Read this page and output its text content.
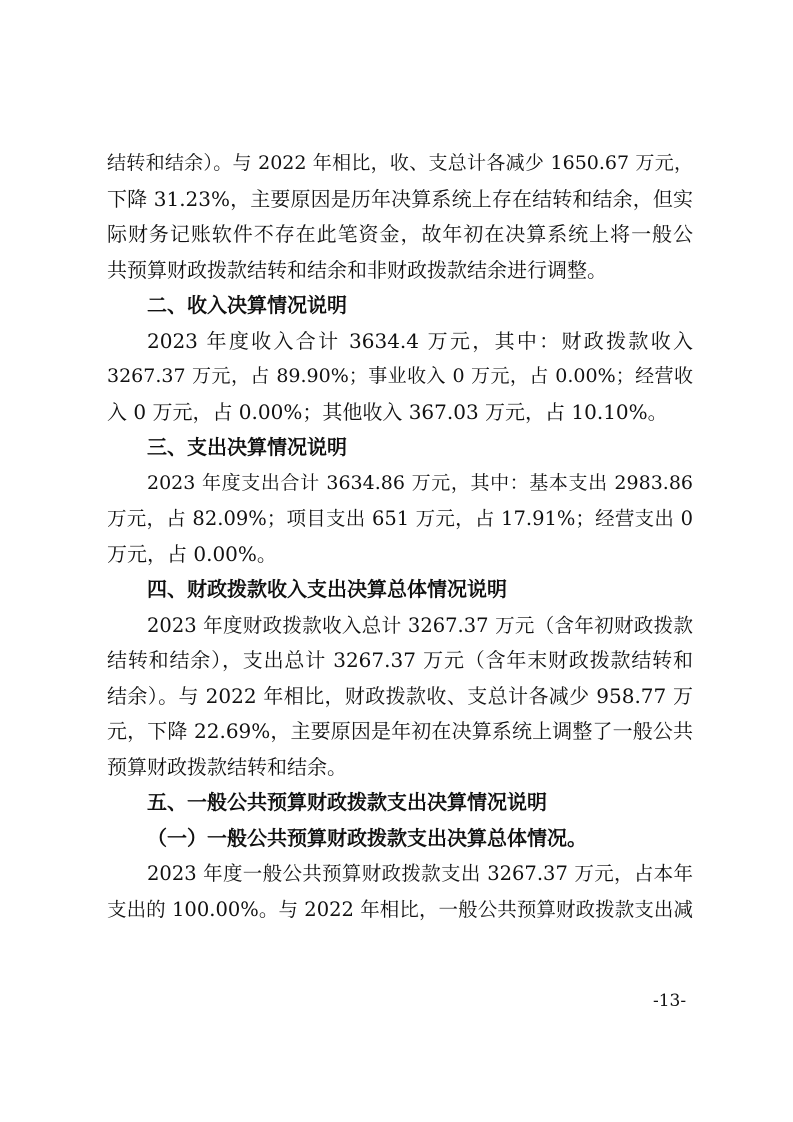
结转和结余）。与 2022 年相比，收、支总计各减少 1650.67 万元，
下降 31.23%，主要原因是历年决算系统上存在结转和结余，但实
际财务记账软件不存在此笔资金，故年初在决算系统上将一般公
共预算财政拨款结转和结余和非财政拨款结余进行调整。
二、收入决算情况说明
2023 年度收入合计 3634.4 万元，其中：财政拨款收入
3267.37 万元，占 89.90%；事业收入 0 万元，占 0.00%；经营收
入 0 万元，占 0.00%；其他收入 367.03 万元，占 10.10%。
三、支出决算情况说明
2023 年度支出合计 3634.86 万元，其中：基本支出 2983.86
万元，占 82.09%；项目支出 651 万元，占 17.91%；经营支出 0
万元，占 0.00%。
四、财政拨款收入支出决算总体情况说明
2023 年度财政拨款收入总计 3267.37 万元（含年初财政拨款
结转和结余），支出总计 3267.37 万元（含年末财政拨款结转和
结余）。与 2022 年相比，财政拨款收、支总计各减少 958.77 万
元，下降 22.69%，主要原因是年初在决算系统上调整了一般公共
预算财政拨款结转和结余。
五、一般公共预算财政拨款支出决算情况说明
（一）一般公共预算财政拨款支出决算总体情况。
2023 年度一般公共预算财政拨款支出 3267.37 万元，占本年
支出的 100.00%。与 2022 年相比，一般公共预算财政拨款支出减
-13-
